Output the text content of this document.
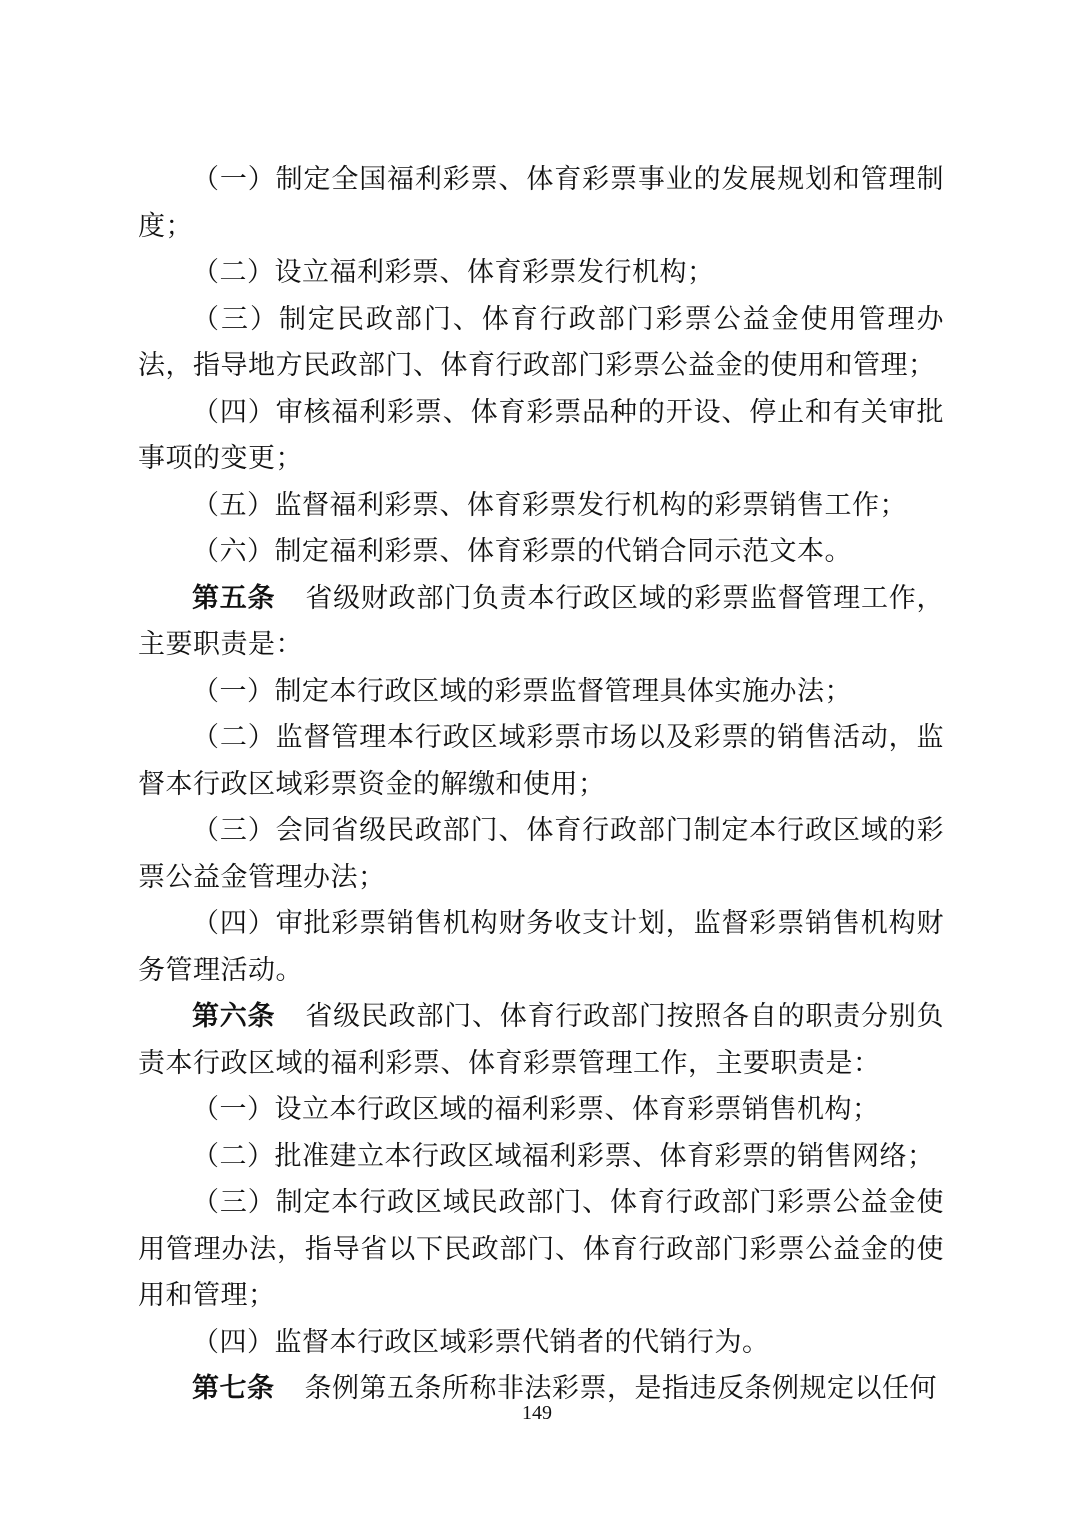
（一）制定全国福利彩票、体育彩票事业的发展规划和管理制度；

（二）设立福利彩票、体育彩票发行机构；

（三）制定民政部门、体育行政部门彩票公益金使用管理办法，指导地方民政部门、体育行政部门彩票公益金的使用和管理；

（四）审核福利彩票、体育彩票品种的开设、停止和有关审批事项的变更；

（五）监督福利彩票、体育彩票发行机构的彩票销售工作；

（六）制定福利彩票、体育彩票的代销合同示范文本。

第五条 省级财政部门负责本行政区域的彩票监督管理工作，主要职责是：

（一）制定本行政区域的彩票监督管理具体实施办法；

（二）监督管理本行政区域彩票市场以及彩票的销售活动，监督本行政区域彩票资金的解缴和使用；

（三）会同省级民政部门、体育行政部门制定本行政区域的彩票公益金管理办法；

（四）审批彩票销售机构财务收支计划，监督彩票销售机构财务管理活动。

第六条 省级民政部门、体育行政部门按照各自的职责分别负责本行政区域的福利彩票、体育彩票管理工作，主要职责是：

（一）设立本行政区域的福利彩票、体育彩票销售机构；

（二）批准建立本行政区域福利彩票、体育彩票的销售网络；

（三）制定本行政区域民政部门、体育行政部门彩票公益金使用管理办法，指导省以下民政部门、体育行政部门彩票公益金的使用和管理；

（四）监督本行政区域彩票代销者的代销行为。

第七条 条例第五条所称非法彩票，是指违反条例规定以任何

149
